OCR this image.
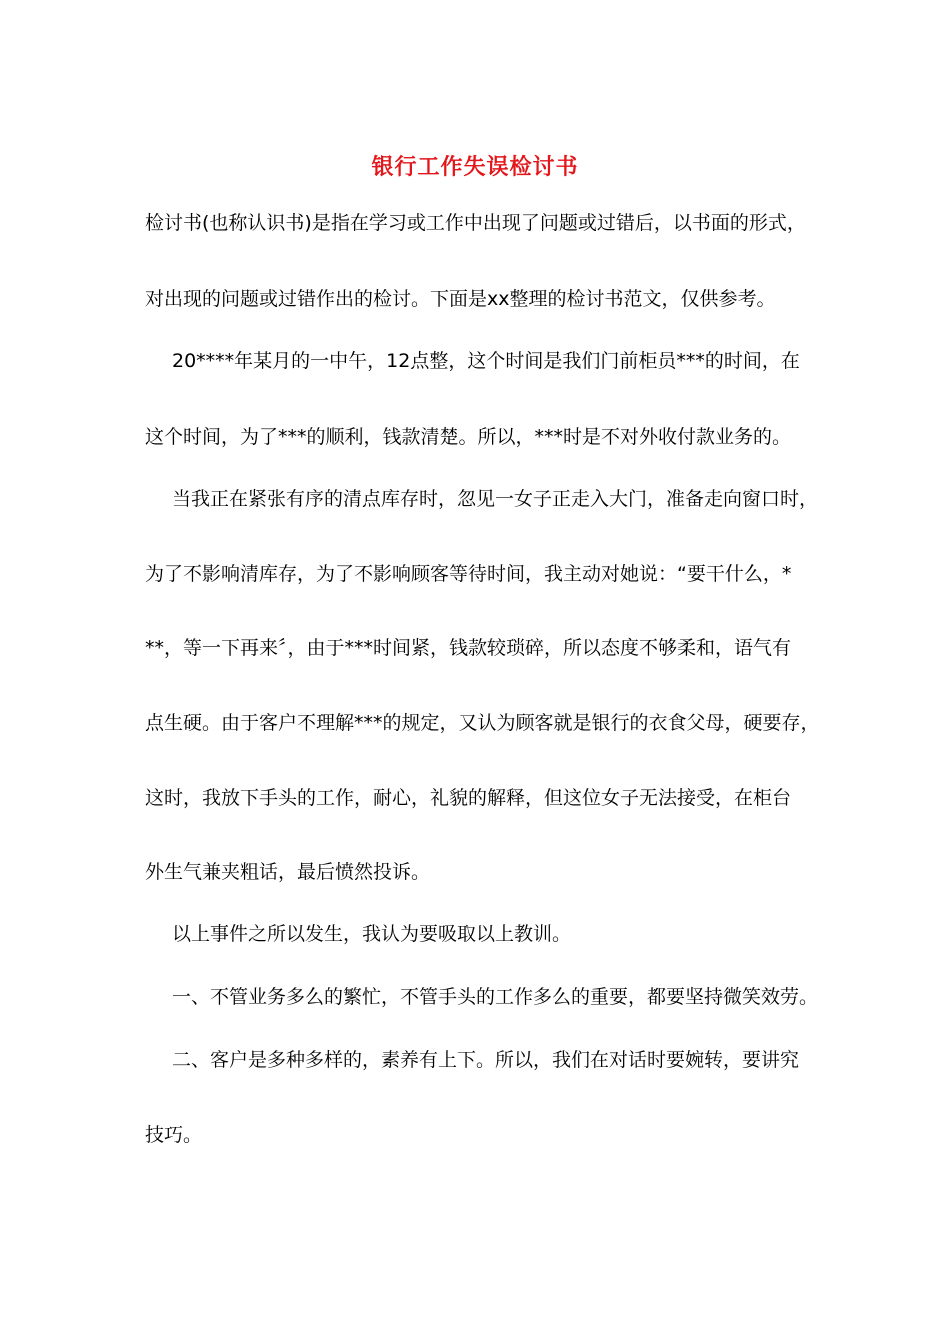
银行工作失误检讨书
检讨书(也称认识书)是指在学习或工作中出现了问题或过错后，以书面的形式，
对出现的问题或过错作出的检讨。下面是xx整理的检讨书范文，仅供参考。
20****年某月的一中午，12点整，这个时间是我们门前柜员***的时间，在
这个时间，为了***的顺利，钱款清楚。所以，***时是不对外收付款业务的。
当我正在紧张有序的清点库存时，忽见一女子正走入大门，准备走向窗口时，
为了不影响清库存，为了不影响顾客等待时间，我主动对她说：“要干什么，*
**，等一下再来〞，由于***时间紧，钱款较琐碎，所以态度不够柔和，语气有
点生硬。由于客户不理解***的规定，又认为顾客就是银行的衣食父母，硬要存，
这时，我放下手头的工作，耐心，礼貌的解释，但这位女子无法接受，在柜台
外生气兼夹粗话，最后愤然投诉。
以上事件之所以发生，我认为要吸取以上教训。
一、不管业务多么的繁忙，不管手头的工作多么的重要，都要坚持微笑效劳。
二、客户是多种多样的，素养有上下。所以，我们在对话时要婉转，要讲究
技巧。
